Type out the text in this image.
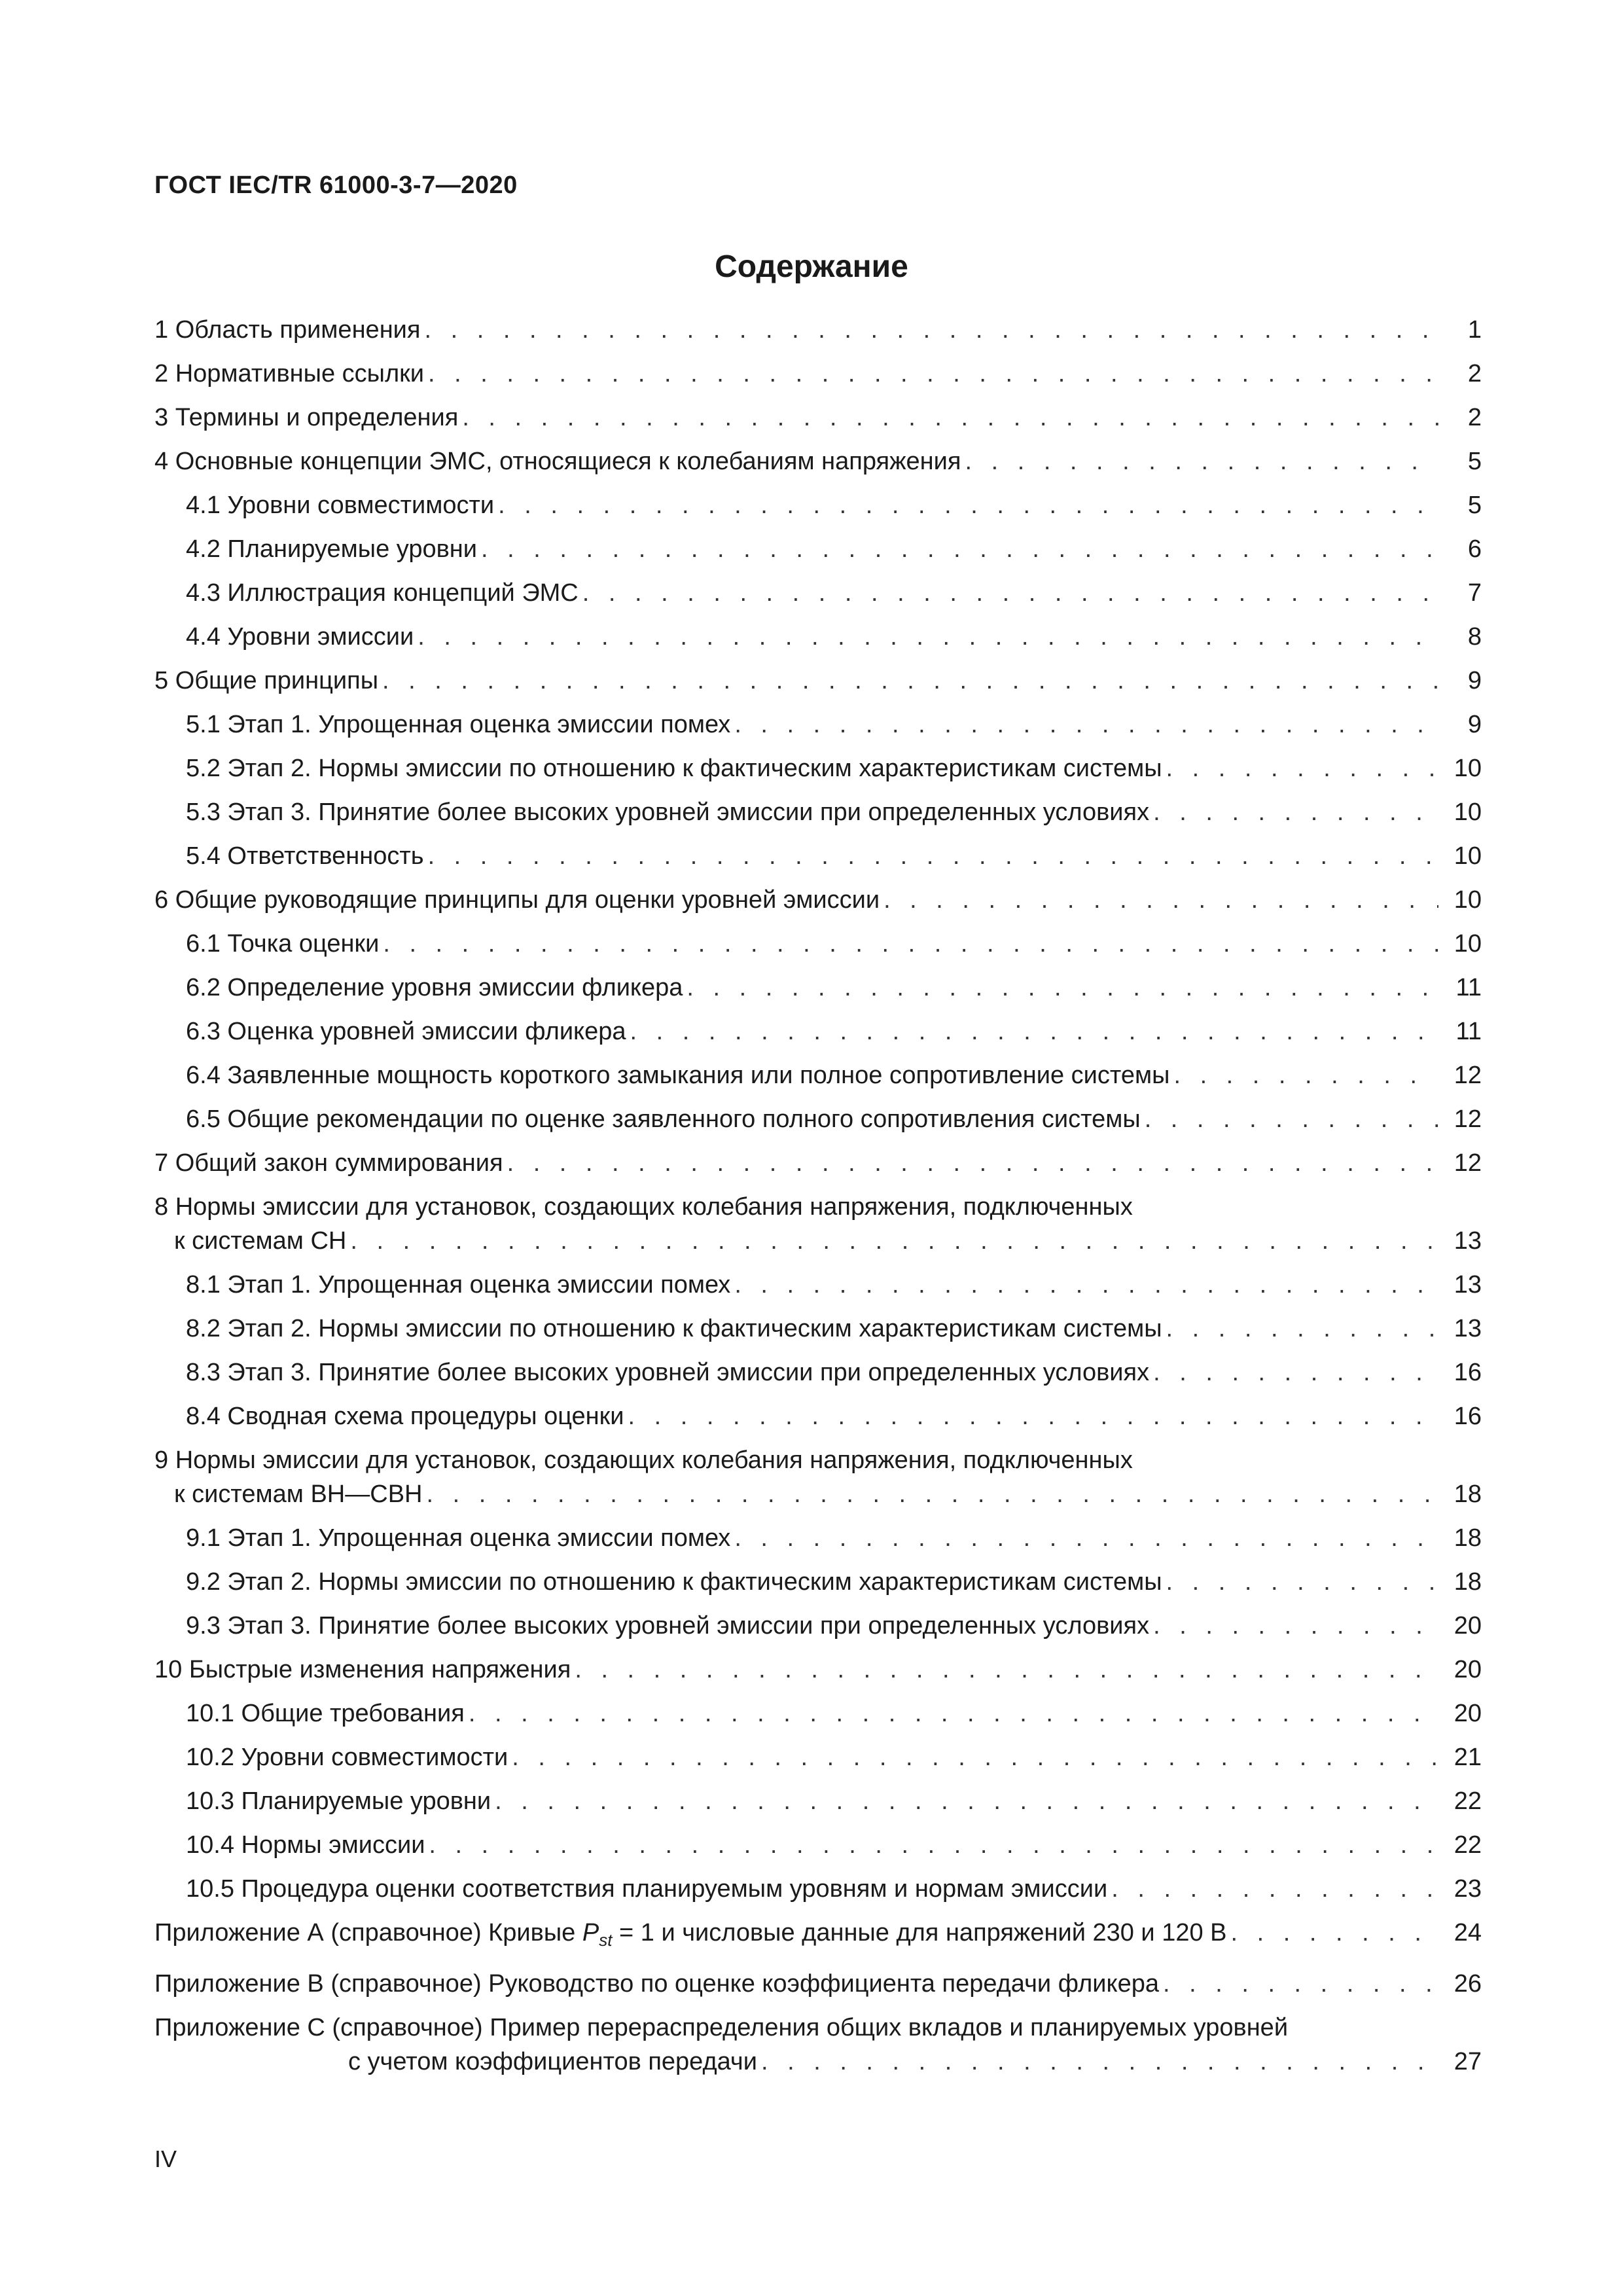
ГОСТ IEC/TR 61000-3-7—2020
Содержание
1 Область применения . . .	1
2 Нормативные ссылки . . .	2
3 Термины и определения . . .	2
4 Основные концепции ЭМС, относящиеся к колебаниям напряжения . . .	5
4.1 Уровни совместимости . . .	5
4.2 Планируемые уровни . . .	6
4.3 Иллюстрация концепций ЭМС . . .	7
4.4 Уровни эмиссии . . .	8
5 Общие принципы . . .	9
5.1 Этап 1. Упрощенная оценка эмиссии помех . . .	9
5.2 Этап 2. Нормы эмиссии по отношению к фактическим характеристикам системы . . .	10
5.3 Этап 3. Принятие более высоких уровней эмиссии при определенных условиях . . .	10
5.4 Ответственность . . .	10
6 Общие руководящие принципы для оценки уровней эмиссии . . .	10
6.1 Точка оценки . . .	10
6.2 Определение уровня эмиссии фликера . . .	11
6.3 Оценка уровней эмиссии фликера . . .	11
6.4 Заявленные мощность короткого замыкания или полное сопротивление системы . . .	12
6.5 Общие рекомендации по оценке заявленного полного сопротивления системы . . .	12
7 Общий закон суммирования . . .	12
8 Нормы эмиссии для установок, создающих колебания напряжения, подключенных
к системам СН . . .	13
8.1 Этап 1. Упрощенная оценка эмиссии помех . . .	13
8.2 Этап 2. Нормы эмиссии по отношению к фактическим характеристикам системы . . .	13
8.3 Этап 3. Принятие более высоких уровней эмиссии при определенных условиях . . .	16
8.4 Сводная схема процедуры оценки . . .	16
9 Нормы эмиссии для установок, создающих колебания напряжения, подключенных
к системам ВН—СВН . . .	18
9.1 Этап 1. Упрощенная оценка эмиссии помех . . .	18
9.2 Этап 2. Нормы эмиссии по отношению к фактическим характеристикам системы . . .	18
9.3 Этап 3. Принятие более высоких уровней эмиссии при определенных условиях . . .	20
10 Быстрые изменения напряжения . . .	20
10.1 Общие требования . . .	20
10.2 Уровни совместимости . . .	21
10.3 Планируемые уровни . . .	22
10.4 Нормы эмиссии . . .	22
10.5 Процедура оценки соответствия планируемым уровням и нормам эмиссии . . .	23
Приложение А (справочное) Кривые $P_{st} = 1$ и числовые данные для напряжений 230 и 120 В . . .	24
Приложение В (справочное) Руководство по оценке коэффициента передачи фликера . . .	26
Приложение С (справочное) Пример перераспределения общих вкладов и планируемых уровней
с учетом коэффициентов передачи . . .	27
IV
